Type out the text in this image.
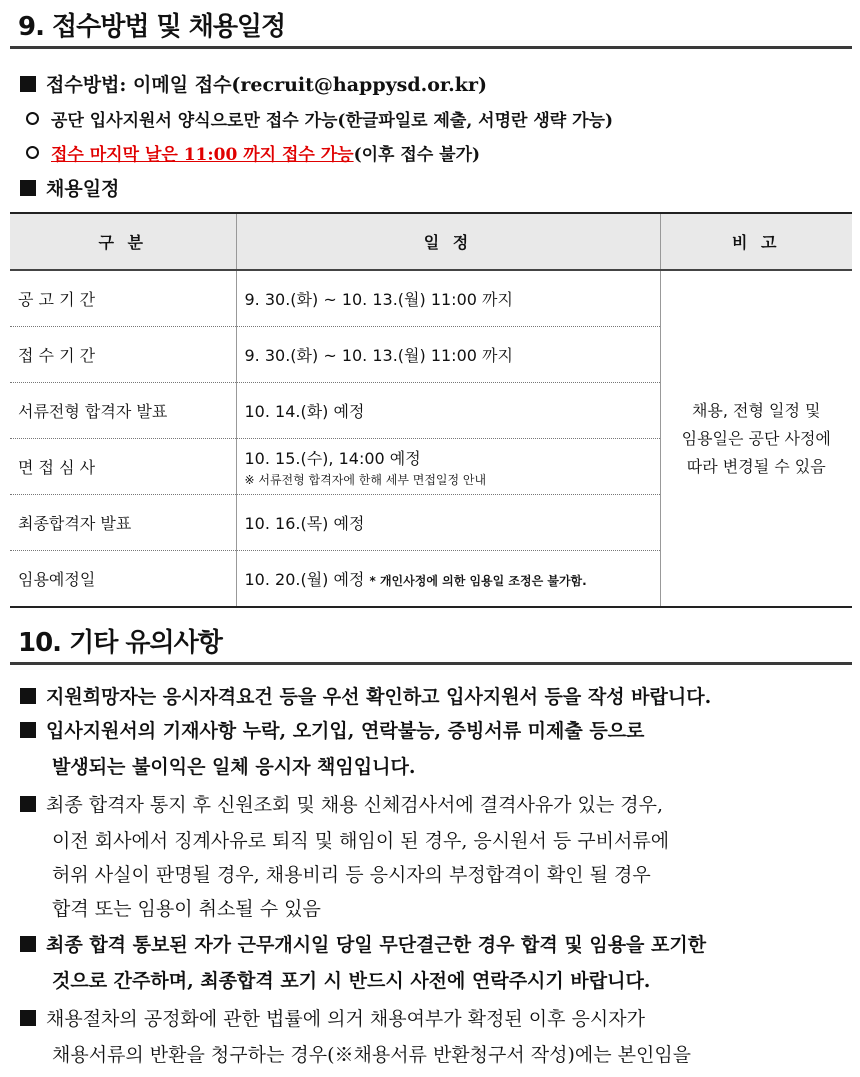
9. 접수방법 및 채용일정
접수방법: 이메일 접수(recruit@happysd.or.kr)
공단 입사지원서 양식으로만 접수 가능(한글파일로 제출, 서명란 생략 가능)
접수 마지막 날은 11:00 까지 접수 가능(이후 접수 불가)
채용일정
구 분	일 정	비 고
공 고 기 간	9. 30.(화) ~ 10. 13.(월) 11:00 까지	채용, 전형 일정 및
임용일은 공단 사정에
따라 변경될 수 있음
접 수 기 간	9. 30.(화) ~ 10. 13.(월) 11:00 까지	
서류전형 합격자 발표	10. 14.(화) 예정	
면 접 심 사	10. 15.(수), 14:00 예정
※ 서류전형 합격자에 한해 세부 면접일정 안내	

최종합격자 발표	10. 16.(목) 예정	
임용예정일	10. 20.(월) 예정 * 개인사정에 의한 임용일 조정은 불가함.	
10. 기타 유의사항
지원희망자는 응시자격요건 등을 우선 확인하고 입사지원서 등을 작성 바랍니다.
입사지원서의 기재사항 누락, 오기입, 연락불능, 증빙서류 미제출 등으로
발생되는 불이익은 일체 응시자 책임입니다.
최종 합격자 통지 후 신원조회 및 채용 신체검사서에 결격사유가 있는 경우,
이전 회사에서 징계사유로 퇴직 및 해임이 된 경우, 응시원서 등 구비서류에
허위 사실이 판명될 경우, 채용비리 등 응시자의 부정합격이 확인 될 경우
합격 또는 임용이 취소될 수 있음
최종 합격 통보된 자가 근무개시일 당일 무단결근한 경우 합격 및 임용을 포기한
것으로 간주하며, 최종합격 포기 시 반드시 사전에 연락주시기 바랍니다.
채용절차의 공정화에 관한 법률에 의거 채용여부가 확정된 이후 응시자가
채용서류의 반환을 청구하는 경우(※채용서류 반환청구서 작성)에는 본인임을
